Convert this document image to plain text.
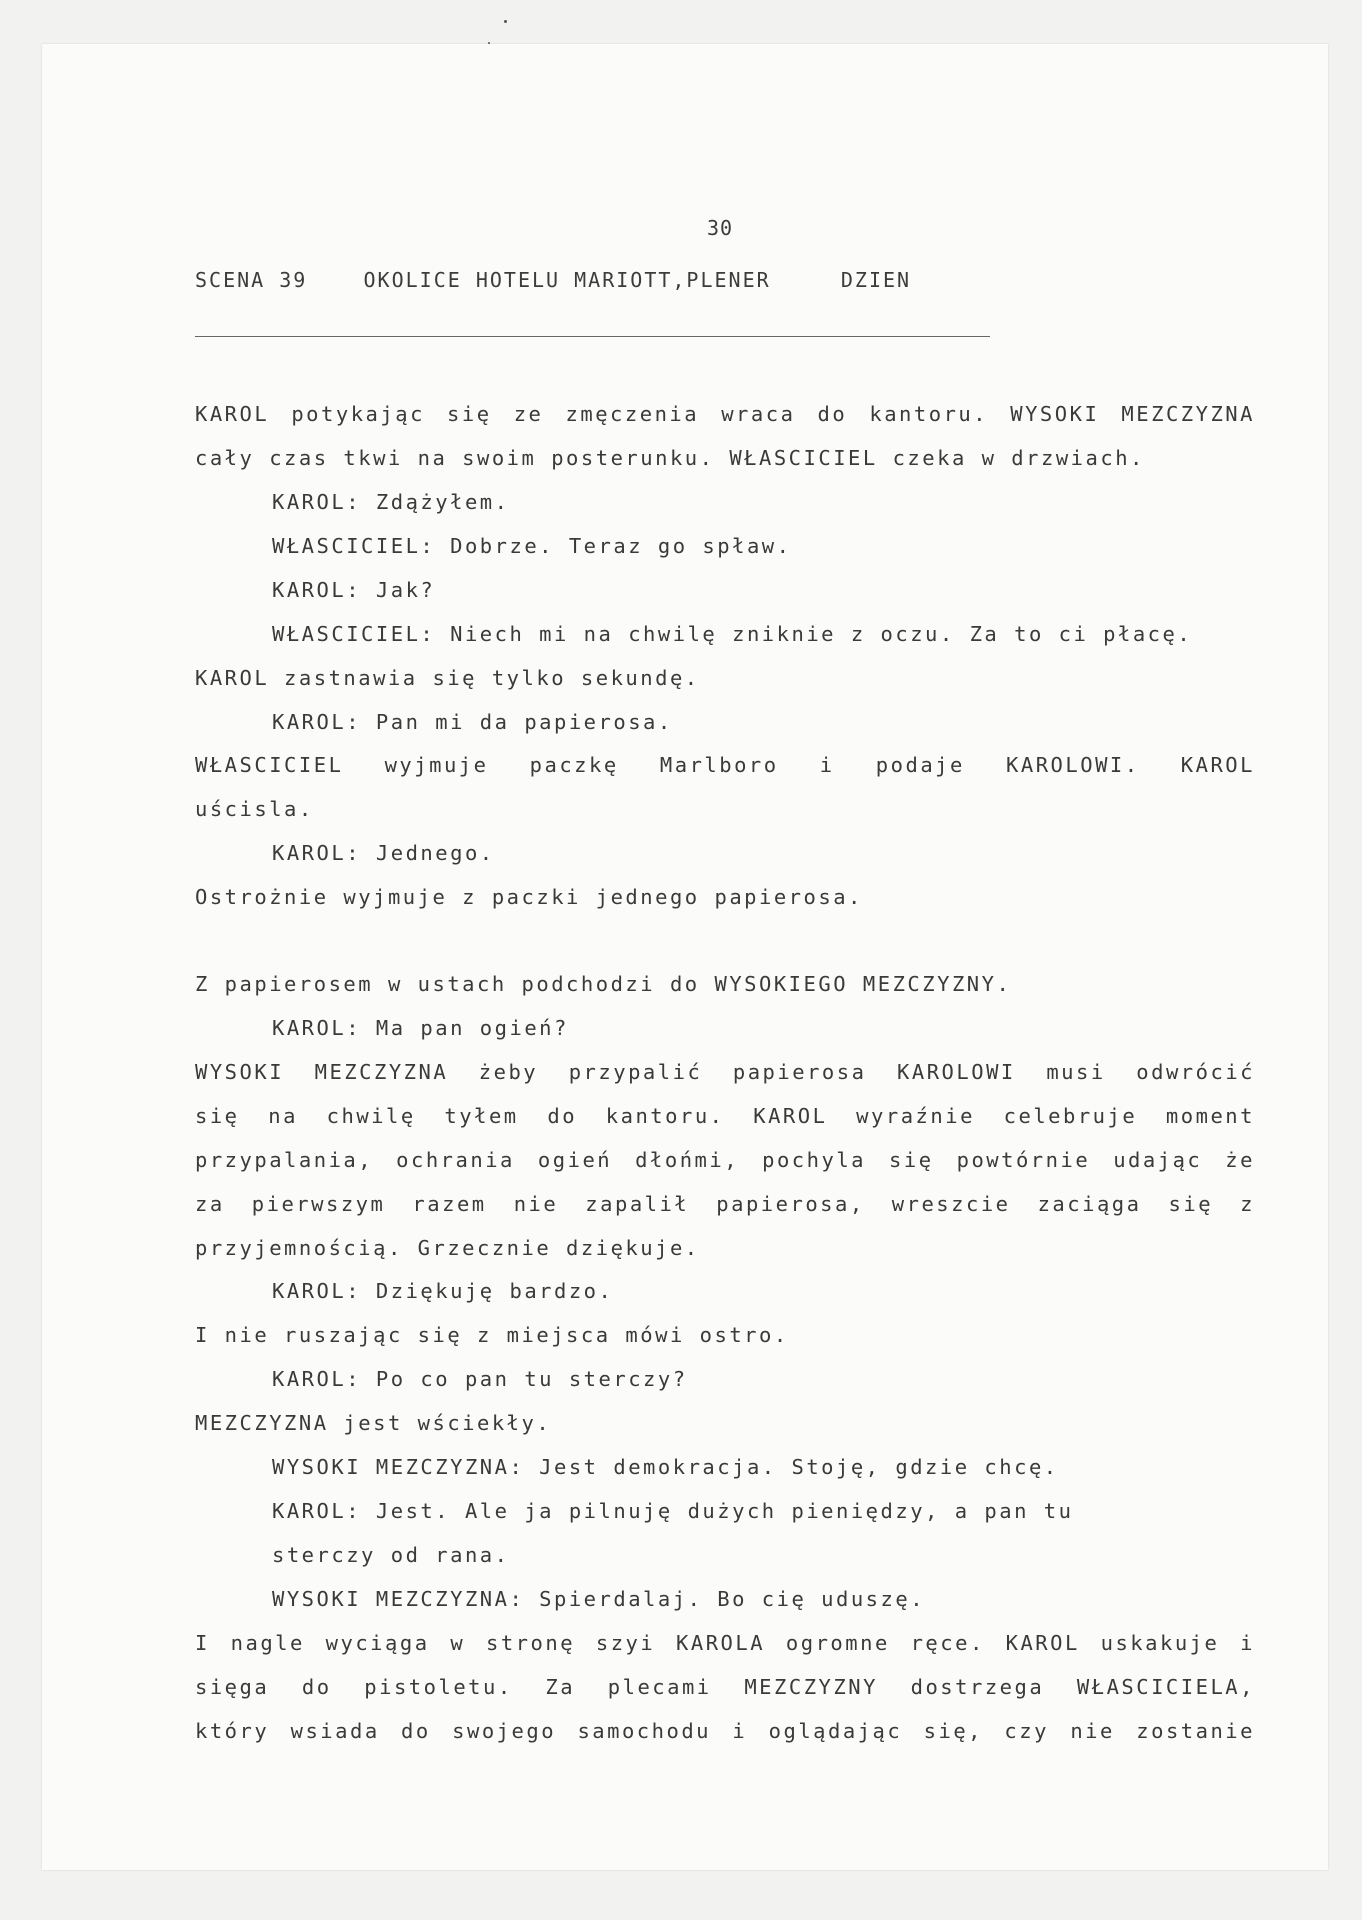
30
SCENA 39    OKOLICE HOTELU MARIOTT,PLENER     DZIEN
KAROL potykając się ze zmęczenia wraca do kantoru. WYSOKI MEZCZYZNA
cały czas tkwi na swoim posterunku. WŁASCICIEL czeka w drzwiach.
KAROL: Zdążyłem.
WŁASCICIEL: Dobrze. Teraz go spław.
KAROL: Jak?
WŁASCICIEL: Niech mi na chwilę zniknie z oczu. Za to ci płacę.
KAROL zastnawia się tylko sekundę.
KAROL: Pan mi da papierosa.
WŁASCICIEL wyjmuje paczkę Marlboro i podaje KAROLOWI. KAROL
uścisla.
KAROL: Jednego.
Ostrożnie wyjmuje z paczki jednego papierosa.
Z papierosem w ustach podchodzi do WYSOKIEGO MEZCZYZNY.
KAROL: Ma pan ogień?
WYSOKI MEZCZYZNA żeby przypalić papierosa KAROLOWI musi odwrócić
się na chwilę tyłem do kantoru. KAROL wyraźnie celebruje moment
przypalania, ochrania ogień dłońmi, pochyla się powtórnie udając że
za pierwszym razem nie zapalił papierosa, wreszcie zaciąga się z
przyjemnością. Grzecznie dziękuje.
KAROL: Dziękuję bardzo.
I nie ruszając się z miejsca mówi ostro.
KAROL: Po co pan tu sterczy?
MEZCZYZNA jest wściekły.
WYSOKI MEZCZYZNA: Jest demokracja. Stoję, gdzie chcę.
KAROL: Jest. Ale ja pilnuję dużych pieniędzy, a pan tu
sterczy od rana.
WYSOKI MEZCZYZNA: Spierdalaj. Bo cię uduszę.
I nagle wyciąga w stronę szyi KAROLA ogromne ręce. KAROL uskakuje i
sięga do pistoletu. Za plecami MEZCZYZNY dostrzega WŁASCICIELA,
który wsiada do swojego samochodu i oglądając się, czy nie zostanie
